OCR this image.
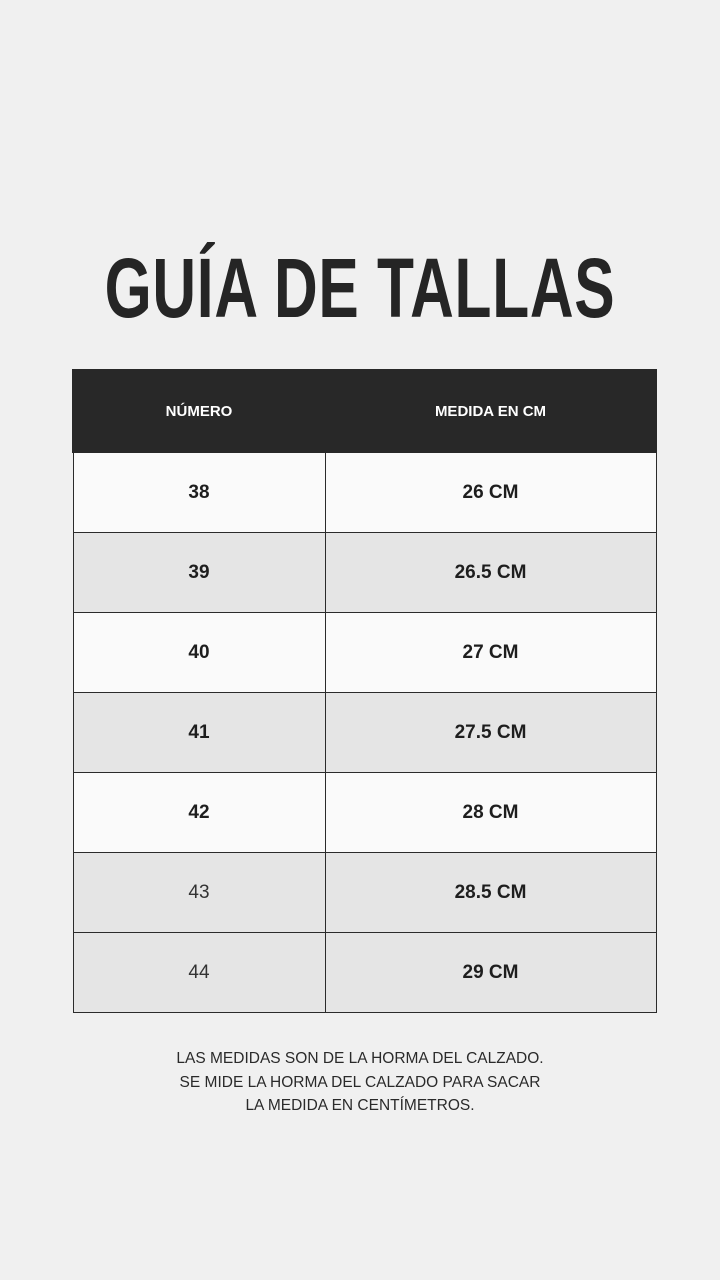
GUÍA DE TALLAS
NÚMERO	MEDIDA EN CM
38	26 CM
39	26.5 CM
40	27 CM
41	27.5 CM
42	28 CM
43	28.5 CM
44	29 CM
LAS MEDIDAS SON DE LA HORMA DEL CALZADO.
SE MIDE LA HORMA DEL CALZADO PARA SACAR
LA MEDIDA EN CENTÍMETROS.
